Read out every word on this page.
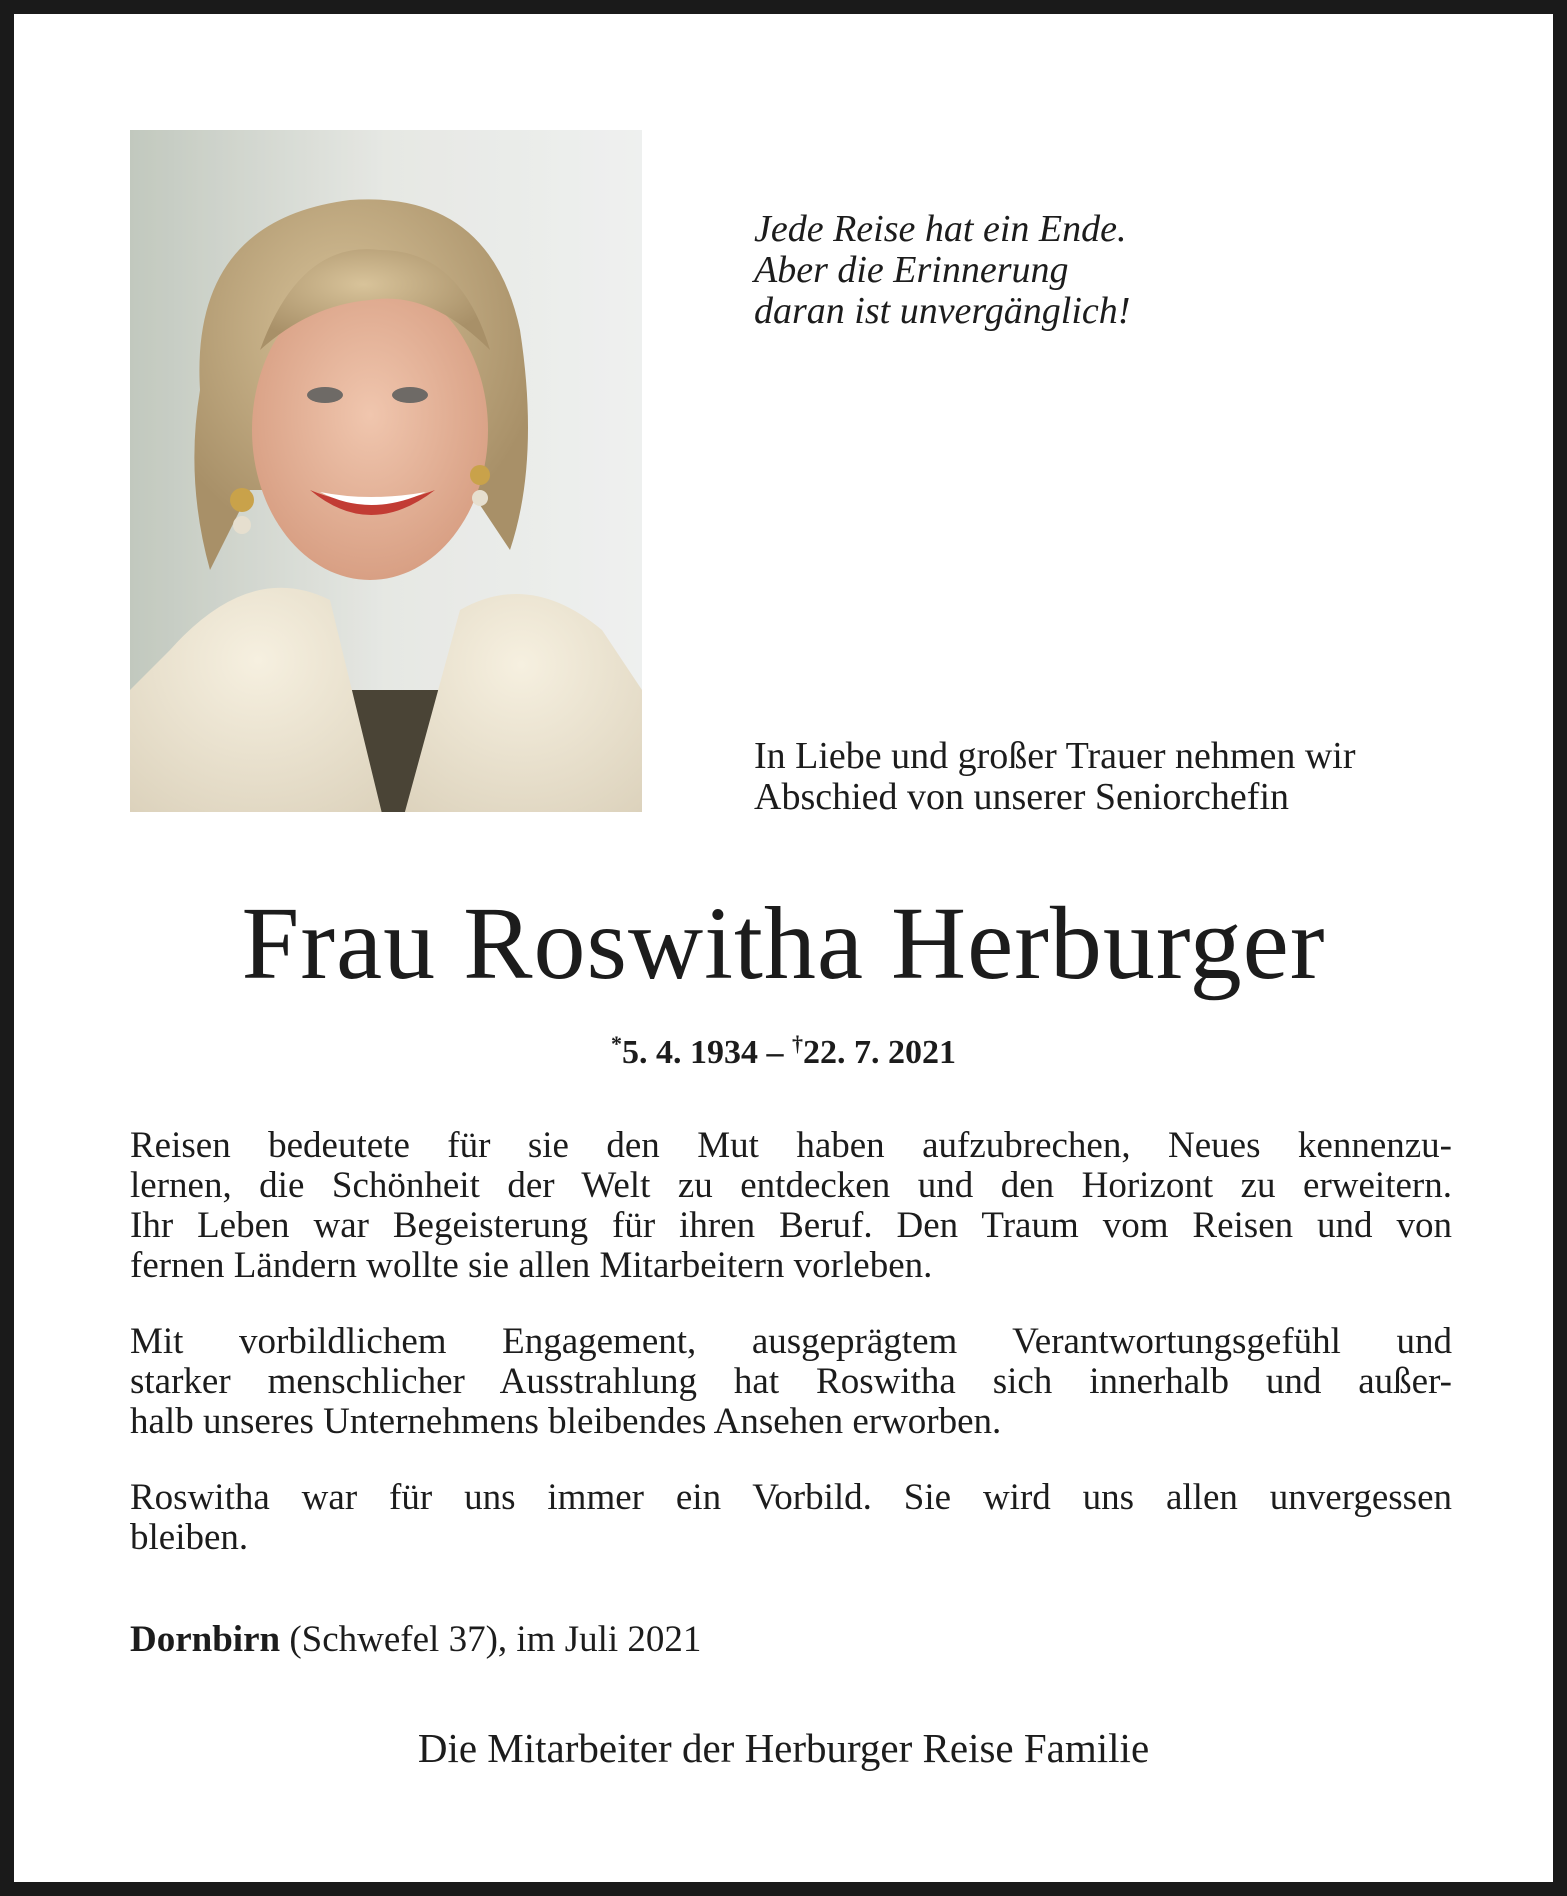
Jede Reise hat ein Ende.
Aber die Erinnerung
daran ist unvergänglich!
In Liebe und großer Trauer nehmen wir
Abschied von unserer Seniorchefin
Frau Roswitha Herburger
*5. 4. 1934 – †22. 7. 2021
Reisen bedeutete für sie den Mut haben aufzubrechen, Neues kennenzu-
lernen, die Schönheit der Welt zu entdecken und den Horizont zu erweitern.
Ihr Leben war Begeisterung für ihren Beruf. Den Traum vom Reisen und von
fernen Ländern wollte sie allen Mitarbeitern vorleben.
Mit vorbildlichem Engagement, ausgeprägtem Verantwortungsgefühl und
starker menschlicher Ausstrahlung hat Roswitha sich innerhalb und außer-
halb unseres Unternehmens bleibendes Ansehen erworben.
Roswitha war für uns immer ein Vorbild. Sie wird uns allen unvergessen
bleiben.
Dornbirn (Schwefel 37), im Juli 2021
Die Mitarbeiter der Herburger Reise Familie
